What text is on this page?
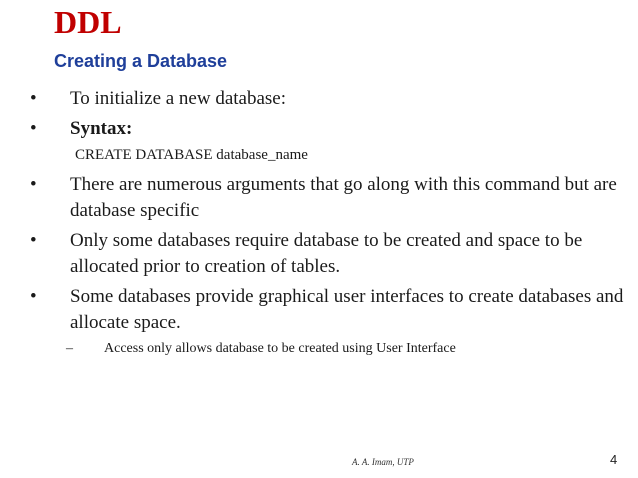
DDL
Creating a Database
•	To initialize a new database:
•	Syntax:
CREATE DATABASE database_name
•	There are numerous arguments that go along with this command but are database specific
•	Only some databases require database to be created and space to be allocated prior to creation of tables.
•	Some databases provide graphical user interfaces to create databases and allocate space.
– Access only allows database to be created using User Interface
A. A. Imam, UTP	4
